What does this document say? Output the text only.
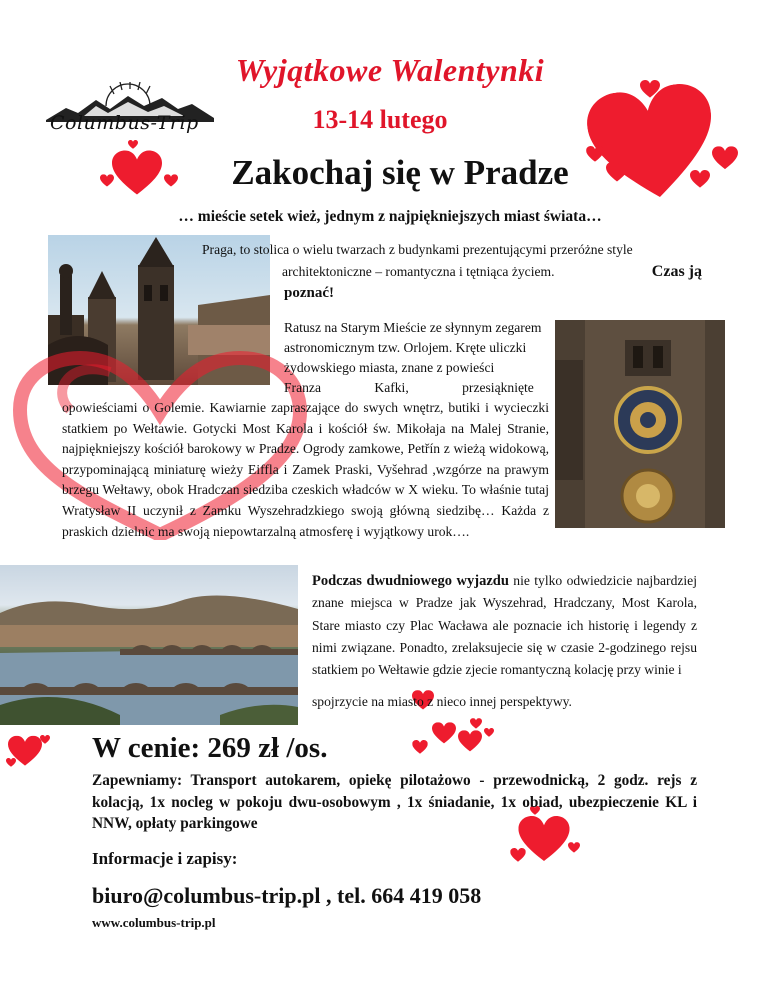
Columbus-Trip
Wyjątkowe Walentynki
13-14 lutego
Zakochaj się w Pradze
… mieście setek wież, jednym z najpiękniejszych miast świata…
Praga, to stolica o wielu twarzach z budynkami prezentującymi przeróżne style
architektoniczne – romantyczna i tętniąca życiem.	Czas ją
poznać!
Ratusz na Starym Mieście ze słynnym zegarem
astronomicznym tzw. Orlojem. Kręte uliczki
żydowskiego miasta, znane z powieści
Franza Kafki, przesiąknięte
opowieściami o Golemie. Kawiarnie zapraszające do swych wnętrz, butiki i wycieczki statkiem po Wełtawie. Gotycki Most Karola i kościół św. Mikołaja na Malej Stranie, najpiękniejszy kościół barokowy w Pradze. Ogrody zamkowe, Petřín z wieżą widokową, przypominającą miniaturę wieży Eiffla i Zamek Praski, Vyšehrad ,wzgórze na prawym brzegu Wełtawy, obok Hradczan siedziba czeskich władców w X wieku. To właśnie tutaj Wratysław II uczynił z Zamku Wyszehradzkiego swoją główną siedzibę… Każda z praskich dzielnic ma swoją niepowtarzalną atmosferę i wyjątkowy urok….
Podczas dwudniowego wyjazdu nie tylko odwiedzicie najbardziej znane miejsca w Pradze jak Wyszehrad, Hradczany, Most Karola, Stare miasto czy Plac Wacława ale poznacie ich historię i legendy z nimi związane. Ponadto, zrelaksujecie się w czasie 2-godzinego rejsu statkiem po Wełtawie gdzie zjecie romantyczną kolację przy winie i
spojrzycie na miasto z nieco innej perspektywy.
W cenie: 269 zł /os.
Zapewniamy: Transport autokarem, opiekę pilotażowo - przewodnicką, 2 godz. rejs z kolacją, 1x nocleg w pokoju dwu-osobowym , 1x śniadanie, 1x obiad, ubezpieczenie KL i NNW, opłaty parkingowe
Informacje i zapisy:
biuro@columbus-trip.pl , tel. 664 419 058
www.columbus-trip.pl
